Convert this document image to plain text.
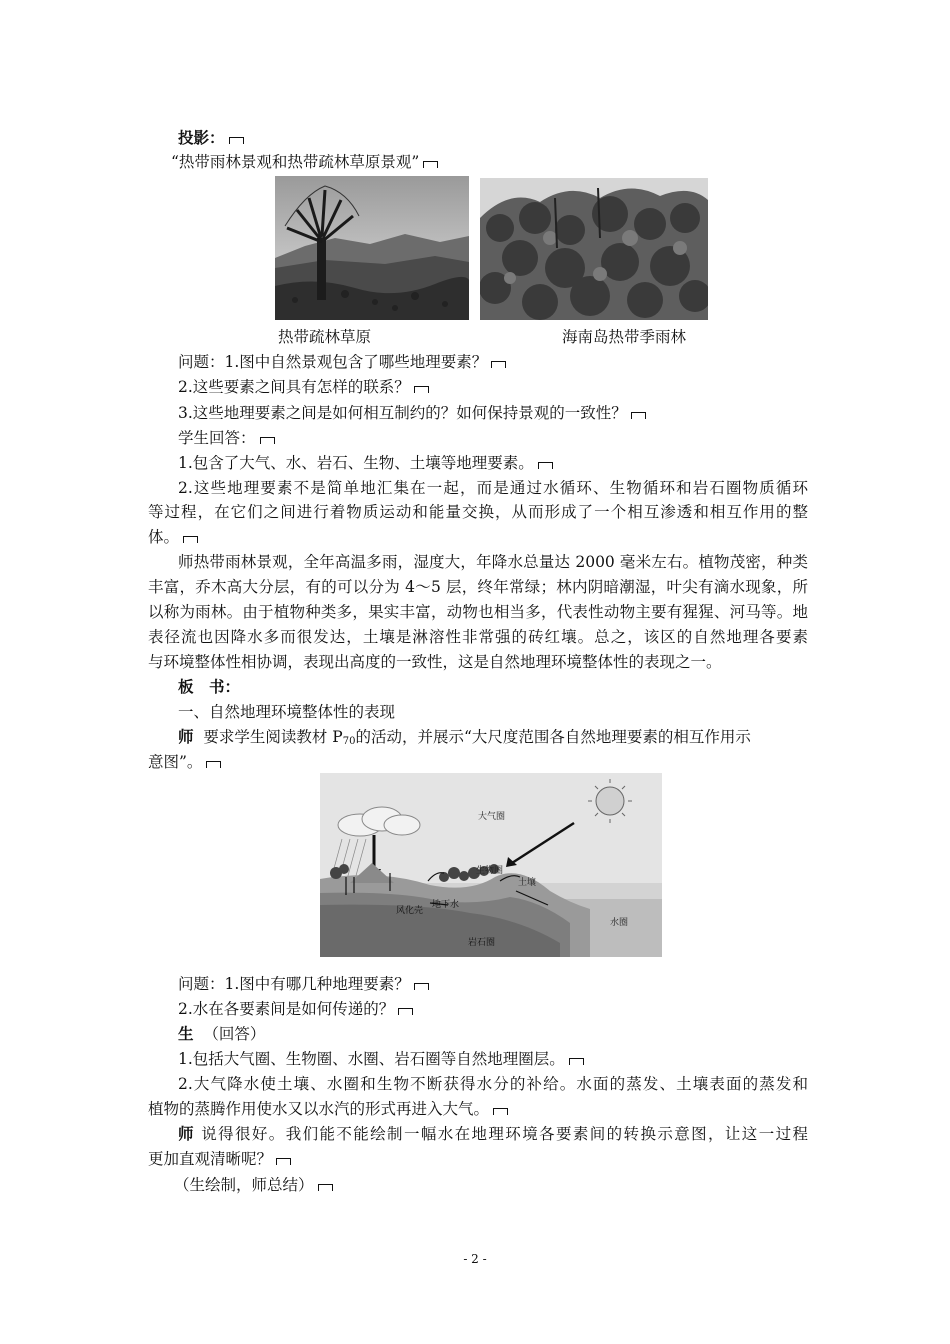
投影：
“热带雨林景观和热带疏林草原景观”
热带疏林草原	海南岛热带季雨林
问题：1.图中自然景观包含了哪些地理要素？
2.这些要素之间具有怎样的联系？
3.这些地理要素之间是如何相互制约的？如何保持景观的一致性？
学生回答：
1.包含了大气、水、岩石、生物、土壤等地理要素。
2.这些地理要素不是简单地汇集在一起，而是通过水循环、生物循环和岩石圈物质循环
等过程，在它们之间进行着物质运动和能量交换，从而形成了一个相互渗透和相互作用的整
体。
师热带雨林景观，全年高温多雨，湿度大，年降水总量达 2000 毫米左右。植物茂密，种类
丰富，乔木高大分层，有的可以分为 4～5 层，终年常绿；林内阴暗潮湿，叶尖有滴水现象，所
以称为雨林。由于植物种类多，果实丰富，动物也相当多，代表性动物主要有猩猩、河马等。地
表径流也因降水多而很发达，土壤是淋溶性非常强的砖红壤。总之，该区的自然地理各要素
与环境整体性相协调，表现出高度的一致性，这是自然地理环境整体性的表现之一。
板　书：
一、自然地理环境整体性的表现
师 要求学生阅读教材 $P_{70}$的活动，并展示“大尺度范围各自然地理要素的相互作用示
意图”。
大气圈
生物圈
土壤
风化壳
地下水
水圈
岩石圈
问题：1.图中有哪几种地理要素？
2.水在各要素间是如何传递的？
生 （回答）
1.包括大气圈、生物圈、水圈、岩石圈等自然地理圈层。
2.大气降水使土壤、水圈和生物不断获得水分的补给。水面的蒸发、土壤表面的蒸发和
植物的蒸腾作用使水又以水汽的形式再进入大气。
师 说得很好。我们能不能绘制一幅水在地理环境各要素间的转换示意图，让这一过程
更加直观清晰呢？
（生绘制，师总结）
- 2 -
